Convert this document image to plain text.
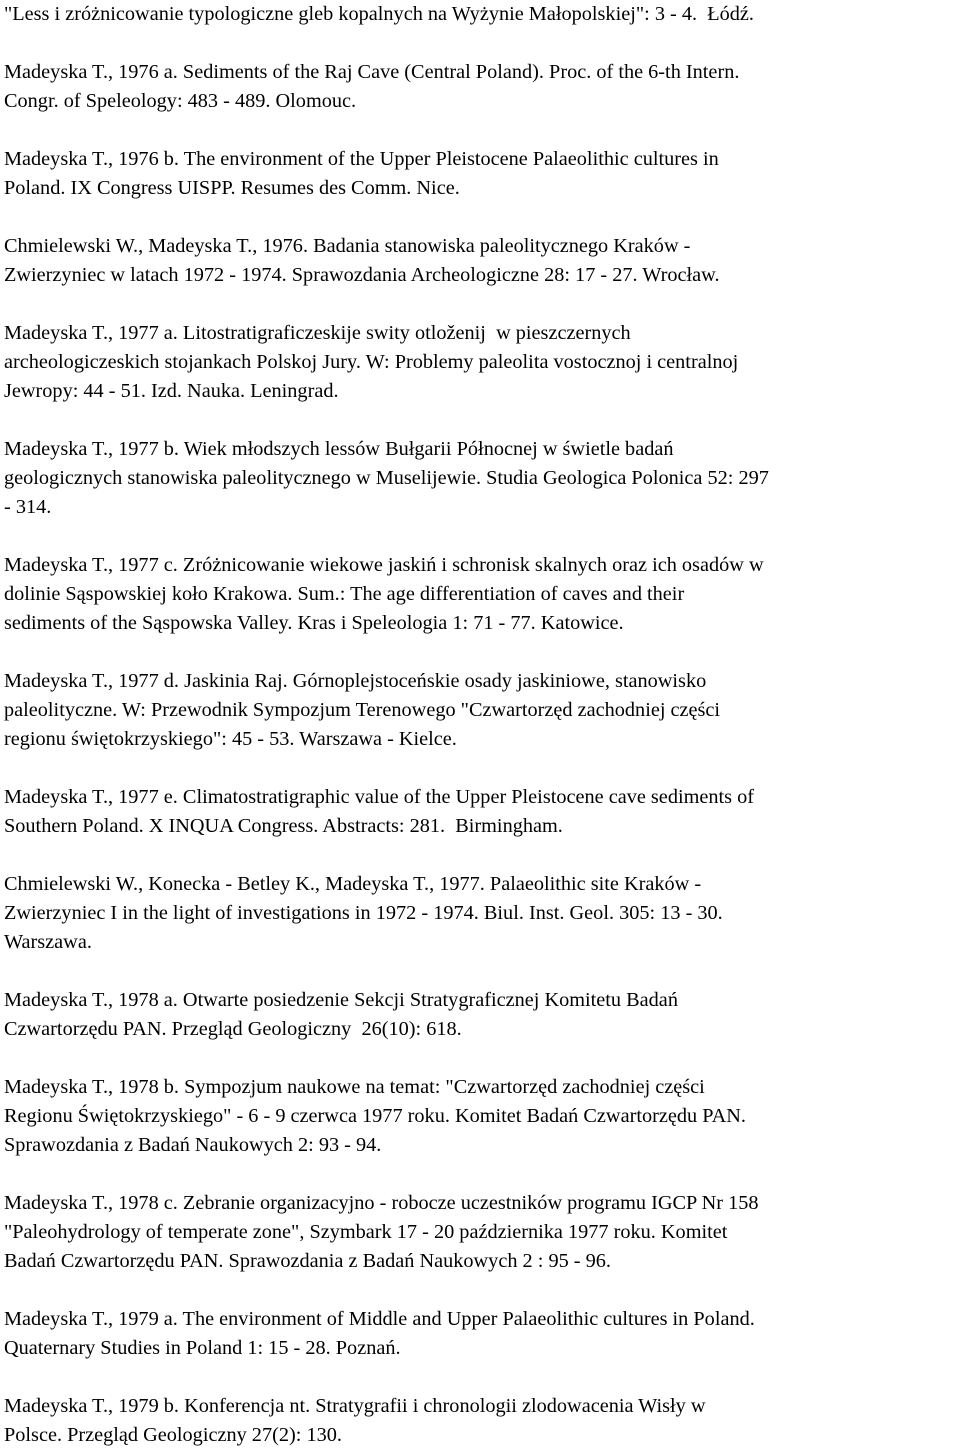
"Less i zróżnicowanie typologiczne gleb kopalnych na Wyżynie Małopolskiej": 3 - 4.  Łódź.
Madeyska T., 1976 a. Sediments of the Raj Cave (Central Poland). Proc. of the 6-th Intern.
Congr. of Speleology: 483 - 489. Olomouc.
Madeyska T., 1976 b. The environment of the Upper Pleistocene Palaeolithic cultures in
Poland. IX Congress UISPP. Resumes des Comm. Nice.
Chmielewski W., Madeyska T., 1976. Badania stanowiska paleolitycznego Kraków -
Zwierzyniec w latach 1972 - 1974. Sprawozdania Archeologiczne 28: 17 - 27. Wrocław.
Madeyska T., 1977 a. Litostratigraficzeskije swity otloženij  w pieszczernych
archeologiczeskich stojankach Polskoj Jury. W: Problemy paleolita vostocznoj i centralnoj
Jewropy: 44 - 51. Izd. Nauka. Leningrad.
Madeyska T., 1977 b. Wiek młodszych lessów Bułgarii Północnej w świetle badań
geologicznych stanowiska paleolitycznego w Muselijewie. Studia Geologica Polonica 52: 297
- 314.
Madeyska T., 1977 c. Zróżnicowanie wiekowe jaskiń i schronisk skalnych oraz ich osadów w
dolinie Sąspowskiej koło Krakowa. Sum.: The age differentiation of caves and their
sediments of the Sąspowska Valley. Kras i Speleologia 1: 71 - 77. Katowice.
Madeyska T., 1977 d. Jaskinia Raj. Górnoplejstoceńskie osady jaskiniowe, stanowisko
paleolityczne. W: Przewodnik Sympozjum Terenowego "Czwartorzęd zachodniej części
regionu świętokrzyskiego": 45 - 53. Warszawa - Kielce.
Madeyska T., 1977 e. Climatostratigraphic value of the Upper Pleistocene cave sediments of
Southern Poland. X INQUA Congress. Abstracts: 281.  Birmingham.
Chmielewski W., Konecka - Betley K., Madeyska T., 1977. Palaeolithic site Kraków -
Zwierzyniec I in the light of investigations in 1972 - 1974. Biul. Inst. Geol. 305: 13 - 30.
Warszawa.
Madeyska T., 1978 a. Otwarte posiedzenie Sekcji Stratygraficznej Komitetu Badań
Czwartorzędu PAN. Przegląd Geologiczny  26(10): 618.
Madeyska T., 1978 b. Sympozjum naukowe na temat: "Czwartorzęd zachodniej części
Regionu Świętokrzyskiego" - 6 - 9 czerwca 1977 roku. Komitet Badań Czwartorzędu PAN.
Sprawozdania z Badań Naukowych 2: 93 - 94.
Madeyska T., 1978 c. Zebranie organizacyjno - robocze uczestników programu IGCP Nr 158
"Paleohydrology of temperate zone", Szymbark 17 - 20 października 1977 roku. Komitet
Badań Czwartorzędu PAN. Sprawozdania z Badań Naukowych 2 : 95 - 96.
Madeyska T., 1979 a. The environment of Middle and Upper Palaeolithic cultures in Poland.
Quaternary Studies in Poland 1: 15 - 28. Poznań.
Madeyska T., 1979 b. Konferencja nt. Stratygrafii i chronologii zlodowacenia Wisły w
Polsce. Przegląd Geologiczny 27(2): 130.
